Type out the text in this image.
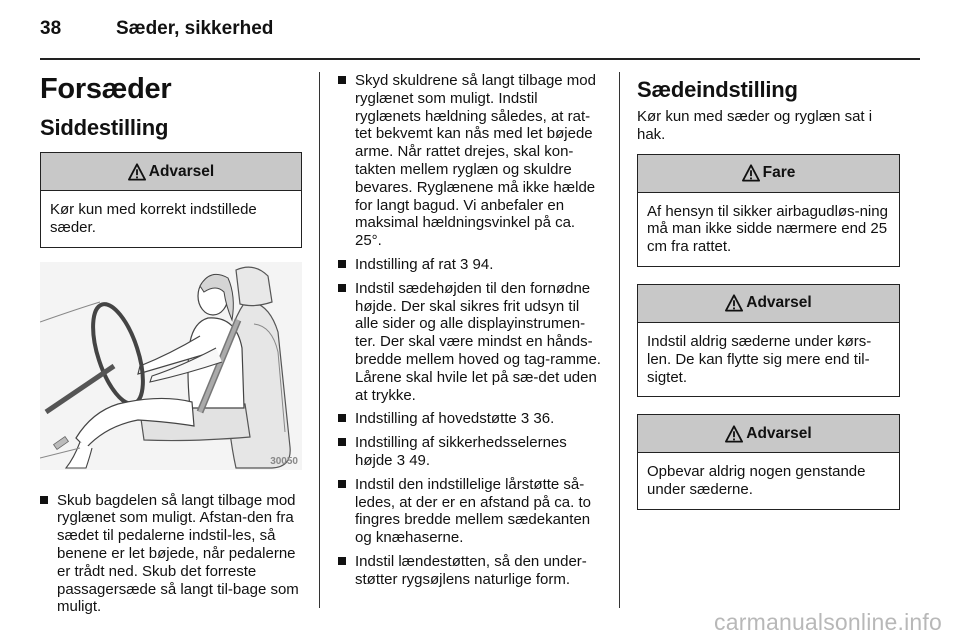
38	Sæder, sikkerhed
Forsæder
Siddestilling
Advarsel
Kør kun med korrekt indstillede sæder.
30050
Skub bagdelen så langt tilbage mod ryglænet som muligt. Afstan-den fra sædet til pedalerne indstil-les, så benene er let bøjede, når pedalerne er trådt ned. Skub det forreste passagersæde så langt til-bage som muligt.
Skyd skuldrene så langt tilbage mod ryglænet som muligt. Indstil ryglænets hældning således, at rat-tet bekvemt kan nås med let bøjede arme. Når rattet drejes, skal kon-takten mellem ryglæn og skuldre bevares. Ryglænene må ikke hælde for langt bagud. Vi anbefaler en maksimal hældningsvinkel på ca. 25°.
Indstilling af rat 3 94.
Indstil sædehøjden til den fornødne højde. Der skal sikres frit udsyn til alle sider og alle displayinstrumen-ter. Der skal være mindst en hånds-bredde mellem hoved og tag-ramme. Lårene skal hvile let på sæ-det uden at trykke.
Indstilling af hovedstøtte 3 36.
Indstilling af sikkerhedsselernes højde 3 49.
Indstil den indstillelige lårstøtte så-ledes, at der er en afstand på ca. to fingres bredde mellem sædekanten og knæhaserne.
Indstil lændestøtten, så den under-støtter rygsøjlens naturlige form.
Sædeindstilling

Kør kun med sæder og ryglæn sat i hak.

Fare
Af hensyn til sikker airbagudløs-ning må man ikke sidde nærmere end 25 cm fra rattet.
Advarsel
Indstil aldrig sæderne under kørs-len. De kan flytte sig mere end til-sigtet.
Advarsel
Opbevar aldrig nogen genstande under sæderne.
carmanualsonline.info
